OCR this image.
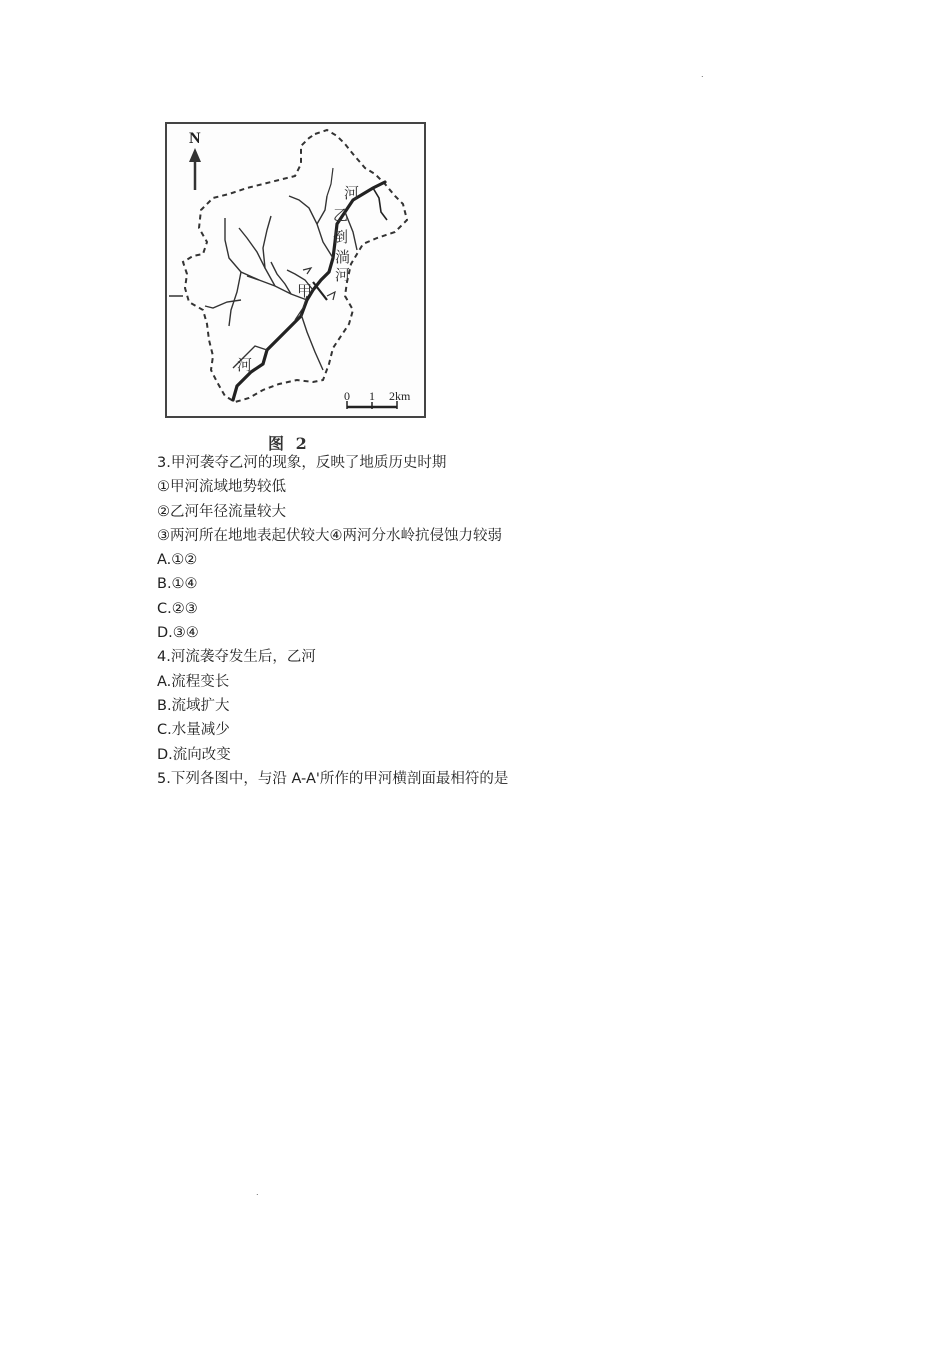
.
.
N
河
乙
倒
淌
河
甲
河
0 1 2km
图 2
3.甲河袭夺乙河的现象，反映了地质历史时期
①甲河流域地势较低
②乙河年径流量较大
③两河所在地地表起伏较大④两河分水岭抗侵蚀力较弱
A.①②
B.①④
C.②③
D.③④
4.河流袭夺发生后，乙河
A.流程变长
B.流域扩大
C.水量减少
D.流向改变
5.下列各图中，与沿 A-A'所作的甲河横剖面最相符的是
